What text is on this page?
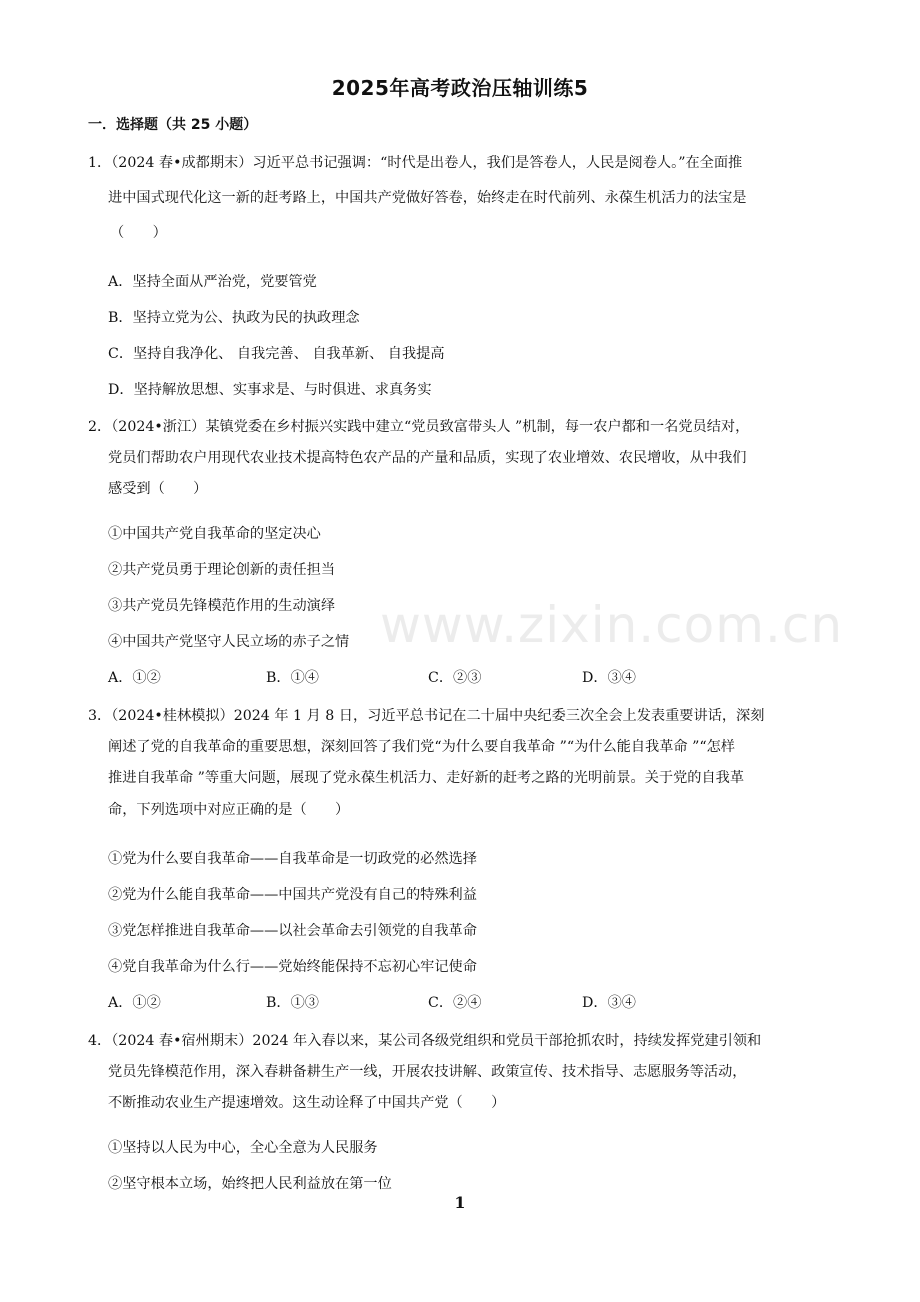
2025年高考政治压轴训练5
一．选择题（共 25 小题）
1．（2024 春•成都期末）习近平总书记强调：“时代是出卷人，我们是答卷人，人民是阅卷人。”在全面推
进中国式现代化这一新的赶考路上，中国共产党做好答卷，始终走在时代前列、永葆生机活力的法宝是
（　　）
A．坚持全面从严治党，党要管党
B．坚持立党为公、执政为民的执政理念
C．坚持自我净化、 自我完善、 自我革新、 自我提高
D．坚持解放思想、实事求是、与时俱进、求真务实
2．（2024•浙江）某镇党委在乡村振兴实践中建立“党员致富带头人 ”机制，每一农户都和一名党员结对，
党员们帮助农户用现代农业技术提高特色农产品的产量和品质，实现了农业增效、农民增收，从中我们
感受到（　　）
①中国共产党自我革命的坚定决心
②共产党员勇于理论创新的责任担当
③共产党员先锋模范作用的生动演绎
④中国共产党坚守人民立场的赤子之情
A．①②	B．①④	C．②③	D．③④
3．（2024•桂林模拟）2024 年 1 月 8 日，习近平总书记在二十届中央纪委三次全会上发表重要讲话，深刻
阐述了党的自我革命的重要思想，深刻回答了我们党“为什么要自我革命 ”“为什么能自我革命 ”“怎样
推进自我革命 ”等重大问题，展现了党永葆生机活力、走好新的赶考之路的光明前景。关于党的自我革
命，下列选项中对应正确的是（　　）
①党为什么要自我革命——自我革命是一切政党的必然选择
②党为什么能自我革命——中国共产党没有自己的特殊利益
③党怎样推进自我革命——以社会革命去引领党的自我革命
④党自我革命为什么行——党始终能保持不忘初心牢记使命
A．①②	B．①③	C．②④	D．③④
4．（2024 春•宿州期末）2024 年入春以来，某公司各级党组织和党员干部抢抓农时，持续发挥党建引领和
党员先锋模范作用，深入春耕备耕生产一线，开展农技讲解、政策宣传、技术指导、志愿服务等活动，
不断推动农业生产提速增效。这生动诠释了中国共产党（　　）
①坚持以人民为中心，全心全意为人民服务
②坚守根本立场，始终把人民利益放在第一位
www.zixin.com.cn
1
